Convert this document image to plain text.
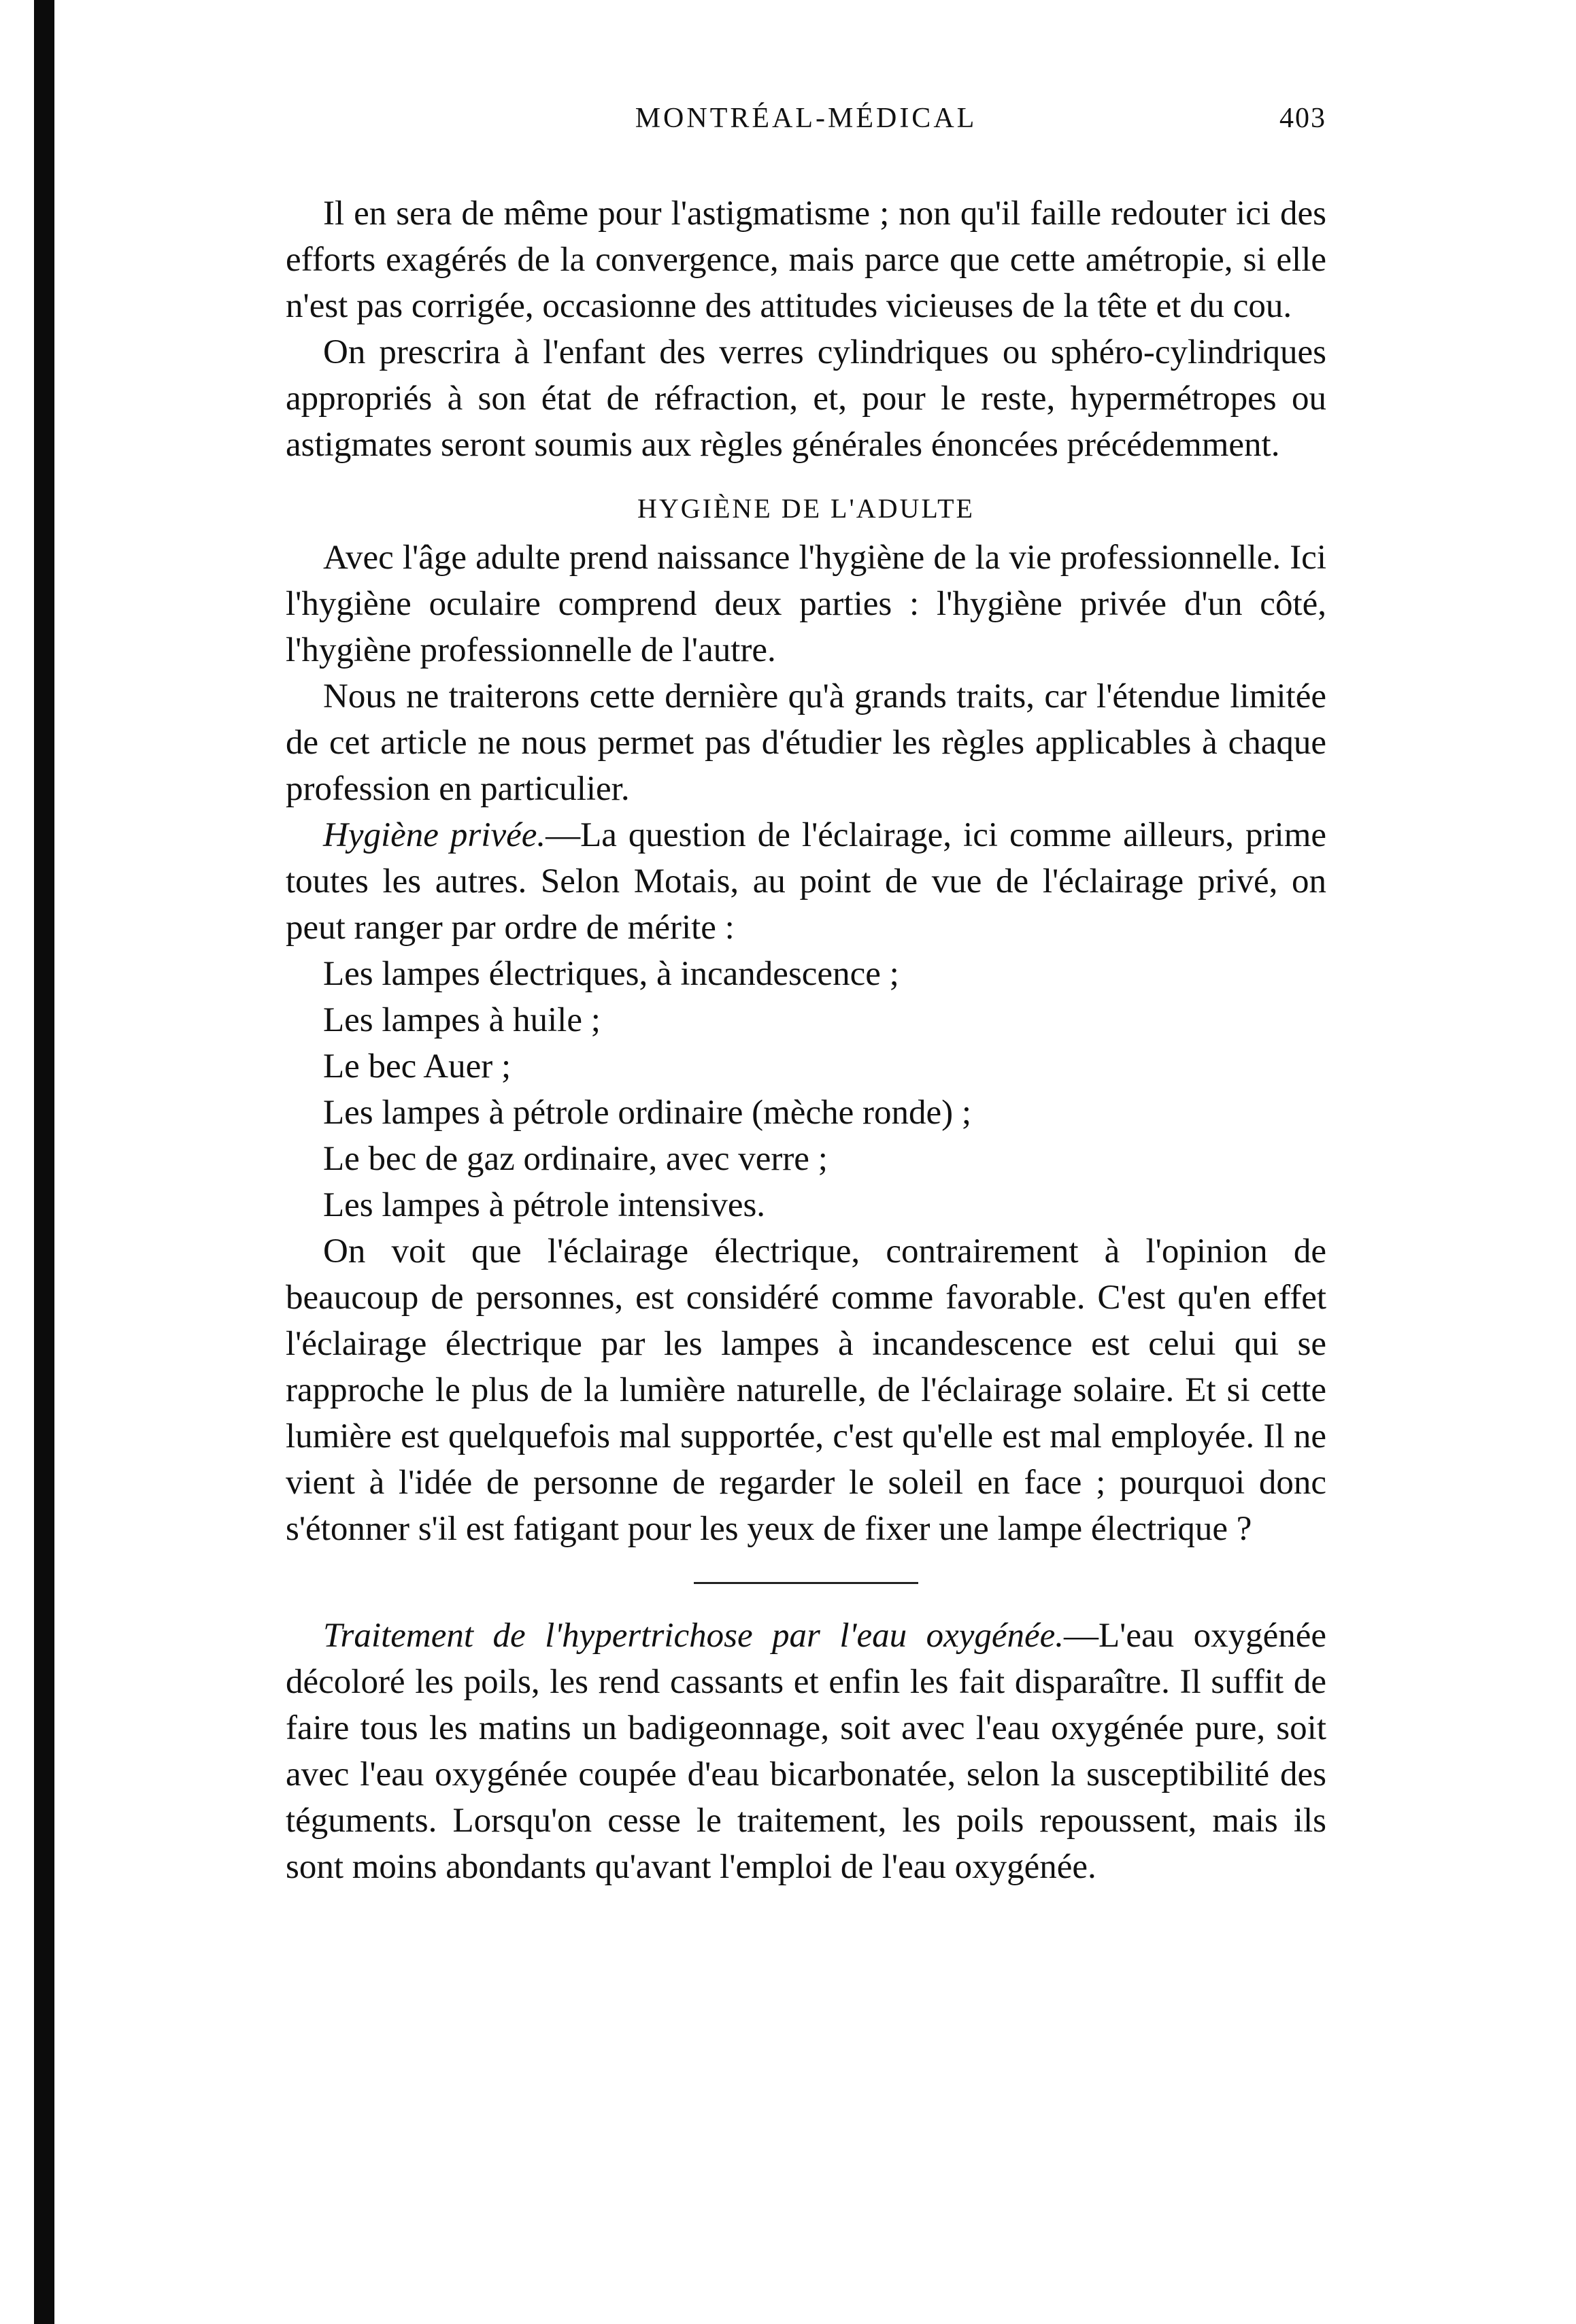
MONTRÉAL-MÉDICAL	403

Il en sera de même pour l'astigmatisme ; non qu'il faille redouter ici des efforts exagérés de la convergence, mais parce que cette amétropie, si elle n'est pas corrigée, occasionne des attitudes vicieuses de la tête et du cou.

On prescrira à l'enfant des verres cylindriques ou sphéro-cylindriques appropriés à son état de réfraction, et, pour le reste, hypermétropes ou astigmates seront soumis aux règles générales énoncées précédemment.

HYGIÈNE DE L'ADULTE

Avec l'âge adulte prend naissance l'hygiène de la vie professionnelle. Ici l'hygiène oculaire comprend deux parties : l'hygiène privée d'un côté, l'hygiène professionnelle de l'autre.

Nous ne traiterons cette dernière qu'à grands traits, car l'étendue limitée de cet article ne nous permet pas d'étudier les règles applicables à chaque profession en particulier.

Hygiène privée.—La question de l'éclairage, ici comme ailleurs, prime toutes les autres. Selon Motais, au point de vue de l'éclairage privé, on peut ranger par ordre de mérite :

Les lampes électriques, à incandescence ;
Les lampes à huile ;
Le bec Auer ;
Les lampes à pétrole ordinaire (mèche ronde) ;
Le bec de gaz ordinaire, avec verre ;
Les lampes à pétrole intensives.

On voit que l'éclairage électrique, contrairement à l'opinion de beaucoup de personnes, est considéré comme favorable. C'est qu'en effet l'éclairage électrique par les lampes à incandescence est celui qui se rapproche le plus de la lumière naturelle, de l'éclairage solaire. Et si cette lumière est quelquefois mal supportée, c'est qu'elle est mal employée. Il ne vient à l'idée de personne de regarder le soleil en face ; pourquoi donc s'étonner s'il est fatigant pour les yeux de fixer une lampe électrique ?

Traitement de l'hypertrichose par l'eau oxygénée.—L'eau oxygénée décoloré les poils, les rend cassants et enfin les fait disparaître. Il suffit de faire tous les matins un badigeonnage, soit avec l'eau oxygénée pure, soit avec l'eau oxygénée coupée d'eau bicarbonatée, selon la susceptibilité des téguments. Lorsqu'on cesse le traitement, les poils repoussent, mais ils sont moins abondants qu'avant l'emploi de l'eau oxygénée.
